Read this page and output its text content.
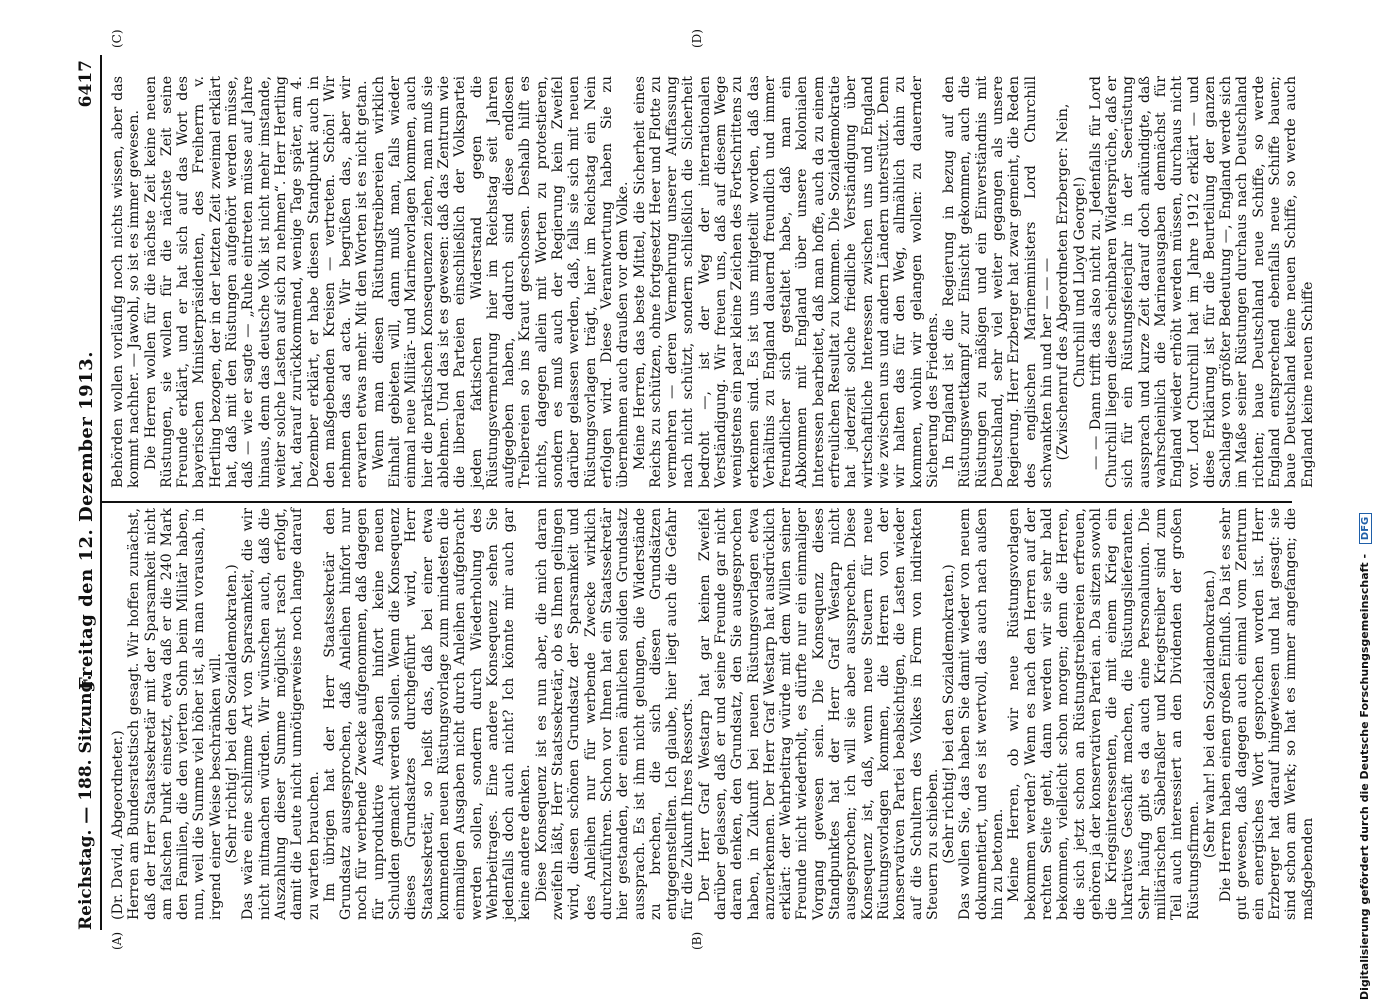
Reichstag. — 188. Sitzung.
Freitag den 12. Dezember 1913.
6417
(A)	(B)
(C)	(D)

(Dr. David, Abgeordneter.) Herren am Bundesratstisch gesagt. Wir hoffen zunächst, daß der Herr Staatssekretär mit der Sparsamkeit nicht am falschen Punkt einsetzt, etwa daß er die 240 Mark den Familien, die den vierten Sohn beim Militär haben, nun, weil die Summe viel höher ist, als man vorausah, in irgend einer Weise beschränken will. (Sehr richtig! bei den Sozialdemokraten.) Das wäre eine schlimme Art von Sparsamkeit, die wir nicht mitmachen würden. Wir wünschen auch, daß die Auszahlung dieser Summe möglichst rasch erfolgt, damit die Leute nicht unnötigerweise noch lange darauf zu warten brauchen. Im übrigen hat der Herr Staatssekretär den Grundsatz ausgesprochen, daß Anleihen hinfort nur noch für werbende Zwecke aufgenommen, daß dagegen für unproduktive Ausgaben hinfort keine neuen Schulden gemacht werden sollen. Wenn die Konsequenz dieses Grundsatzes durchgeführt wird, Herr Staatssekretär, so heißt das, daß bei einer etwa kommenden neuen Rüstungsvorlage zum mindesten die einmaligen Ausgaben nicht durch Anleihen aufgebracht werden sollen, sondern durch Wiederholung des Wehrbeitrages. Eine andere Konsequenz sehen Sie jedenfalls doch auch nicht? Ich könnte mir auch gar keine andere denken. Diese Konsequenz ist es nun aber, die mich daran zweifeln läßt, Herr Staatssekretär, ob es Ihnen gelingen wird, diesen schönen Grundsatz der Sparsamkeit und des Anleihen nur für werbende Zwecke wirklich durchzuführen. Schon vor Ihnen hat ein Staatssekretär hier gestanden, der einen ähnlichen soliden Grundsatz aussprach. Es ist ihm nicht gelungen, die Widerstände zu brechen, die sich diesen Grundsätzen entgegenstellten. Ich glaube, hier liegt auch die Gefahr für die Zukunft Ihres Ressorts. Der Herr Graf Westarp hat gar keinen Zweifel darüber gelassen, daß er und seine Freunde gar nicht daran denken, den Grundsatz, den Sie ausgesprochen haben, in Zukunft bei neuen Rüstungsvorlagen etwa anzuerkennen. Der Herr Graf Westarp hat ausdrücklich erklärt: der Wehrbeitrag würde mit dem Willen seiner Freunde nicht wiederholt, es dürfte nur ein einmaliger Vorgang gewesen sein. Die Konsequenz dieses Standpunktes hat der Herr Graf Westarp nicht ausgesprochen; ich will sie aber aussprechen. Diese Konsequenz ist, daß, wenn neue Steuern für neue Rüstungsvorlagen kommen, die Herren von der konservativen Partei beabsichtigen, die Lasten wieder auf die Schultern des Volkes in Form von indirekten Steuern zu schieben. (Sehr richtig! bei den Sozialdemokraten.) Das wollen Sie, das haben Sie damit wieder von neuem dokumentiert, und es ist wertvoll, das auch nach außen hin zu betonen. Meine Herren, ob wir neue Rüstungsvorlagen bekommen werden? Wenn es nach den Herren auf der rechten Seite geht, dann werden wir sie sehr bald bekommen, vielleicht schon morgen; denn die Herren, die sich jetzt schon an Rüstungstreibereien erfreuen, gehören ja der konservativen Partei an. Da sitzen sowohl die Kriegsinteressenten, die mit einem Krieg ein lukratives Geschäft machen, die Rüstungslieferanten. Sehr häufig gibt es da auch eine Personalunion. Die militärischen Säbelraßler und Kriegstreiber sind zum Teil auch interessiert an den Dividenden der großen Rüstungsfirmen.

(Sehr wahr! bei den Sozialdemokraten.) Die Herren haben einen großen Einfluß. Da ist es sehr gut gewesen, daß dagegen auch einmal vom Zentrum ein energisches Wort gesprochen worden ist. Herr Erzberger hat darauf hingewiesen und hat gesagt: sie sind schon am Werk; so hat es immer angefangen; die maßgebenden

Behörden wollen vorläufig noch nichts wissen, aber das kommt nachher. — Jawohl, so ist es immer gewesen. Die Herren wollen für die nächste Zeit keine neuen Rüstungen, sie wollen für die nächste Zeit seine Freunde erklärt, und er hat sich auf das Wort des bayerischen Ministerpräsidenten, des Freiherrn v. Hertling bezogen, der in der letzten Zeit zweimal erklärt hat, daß mit den Rüstungen aufgehört werden müsse, daß — wie er sagte — „Ruhe eintreten müsse auf Jahre hinaus, denn das deutsche Volk ist nicht mehr imstande, weiter solche Lasten auf sich zu nehmen“. Herr Hertling hat, darauf zurückkommend, wenige Tage später, am 4. Dezember erklärt, er habe diesen Standpunkt auch in den maßgebenden Kreisen — vertreten. Schön! Wir nehmen das ad acta. Wir begrüßen das, aber wir erwarten etwas mehr. Mit den Worten ist es nicht getan. Wenn man diesen Rüstungstreibereien wirklich Einhalt gebieten will, dann muß man, falls wieder einmal neue Militär- und Marinevorlagen kommen, auch hier die praktischen Konsequenzen ziehen, man muß sie ablehnen. Und das ist es gewesen: daß das Zentrum wie die liberalen Parteien einschließlich der Volkspartei jeden faktischen Widerstand gegen die Rüstungsvermehrung hier im Reichstag seit Jahren aufgegeben haben, dadurch sind diese endlosen Treibereien so ins Kraut geschossen. Deshalb hilft es nichts, dagegen allein mit Worten zu protestieren, sondern es muß auch der Regierung kein Zweifel darüber gelassen werden, daß, falls sie sich mit neuen Rüstungsvorlagen trägt, hier im Reichstag ein Nein erfolgen wird. Diese Verantwortung haben Sie zu übernehmen auch draußen vor dem Volke. Meine Herren, das beste Mittel, die Sicherheit eines Reichs zu schützen, ohne fortgesetzt Heer und Flotte zu vermehren — deren Vermehrung unserer Auffassung nach nicht schützt, sondern schließlich die Sicherheit bedroht —, ist der Weg der internationalen Verständigung. Wir freuen uns, daß auf diesem Wege wenigstens ein paar kleine Zeichen des Fortschrittens zu erkennen sind. Es ist uns mitgeteilt worden, daß das Verhältnis zu England dauernd freundlich und immer freundlicher sich gestaltet habe, daß man ein Abkommen mit England über unsere kolonialen Interessen bearbeitet, daß man hoffe, auch da zu einem erfreulichen Resultat zu kommen. Die Sozialdemokratie hat jederzeit solche friedliche Verständigung über wirtschaftliche Interessen zwischen uns und England wie zwischen uns und andern Ländern unterstützt. Denn wir halten das für den Weg, allmählich dahin zu kommen, wohin wir gelangen wollen: zu dauernder Sicherung des Friedens. In England ist die Regierung in bezug auf den Rüstungswettkampf zur Einsicht gekommen, auch die Rüstungen zu mäßigen und ein Einverständnis mit Deutschland, sehr viel weiter gegangen als unsere Regierung. Herr Erzberger hat zwar gemeint, die Reden des englischen Marineministers Lord Churchill schwankten hin und her — — — (Zwischenruf des Abgeordneten Erzberger: Nein, Churchill und Lloyd George!) — — Dann trifft das also nicht zu. Jedenfalls für Lord Churchill liegen diese scheinbaren Widersprüche, daß er sich für ein Rüstungsfeierjahr in der Seerüstung aussprach und kurze Zeit darauf doch ankündigte, daß wahrscheinlich die Marineausgaben demnächst für England wieder erhöht werden müssen, durchaus nicht vor. Lord Churchill hat im Jahre 1912 erklärt — und diese Erklärung ist für die Beurteilung der ganzen Sachlage von größter Bedeutung —, England werde sich im Maße seiner Rüstungen durchaus nach Deutschland richten; baue Deutschland neue Schiffe, so werde England entsprechend ebenfalls neue Schiffe bauen; baue Deutschland keine neuen Schiffe, so werde auch England keine neuen Schiffe

Digitalisierung gefördert durch die Deutsche Forschungsgemeinschaft - DFG
